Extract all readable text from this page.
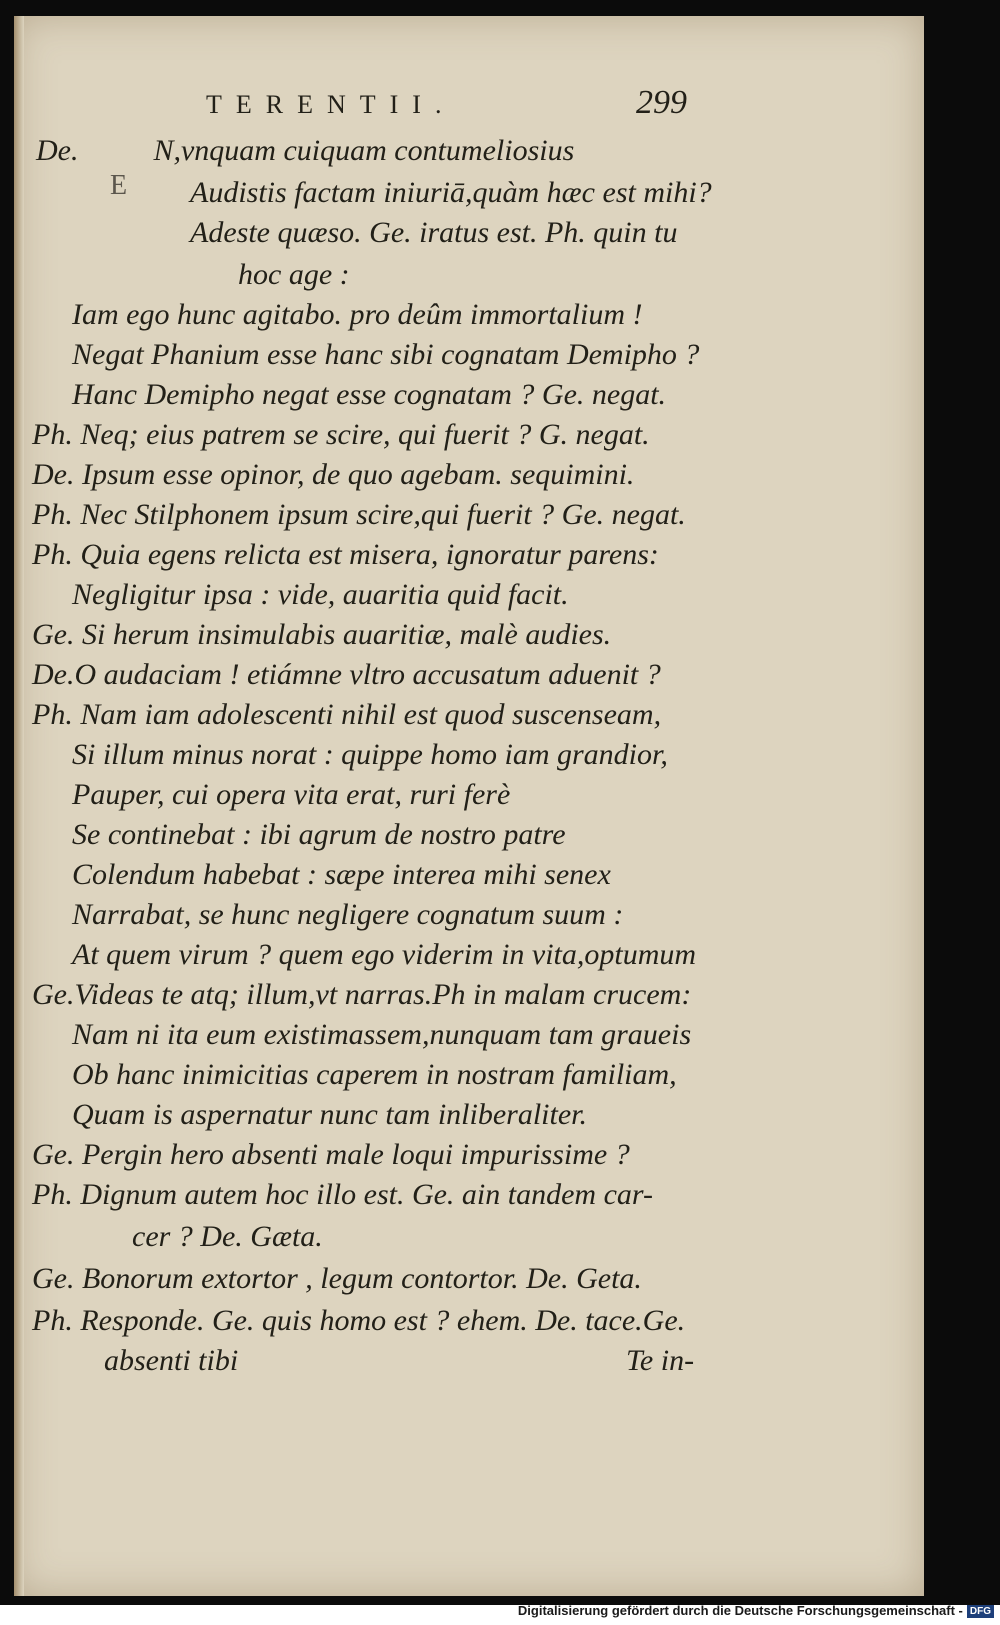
TERENTII.	299
E

De.          N,vnquam cuiquam contumeliosius

Audistis factam iniuriā,quàm hæc est mihi?

Adeste quæso. Ge. iratus est. Ph. quin tu

hoc age :

Iam ego hunc agitabo. pro deûm immortalium !

Negat Phanium esse hanc sibi cognatam Demipho ?

Hanc Demipho negat esse cognatam ? Ge. negat.

Ph. Neq; eius patrem se scire, qui fuerit ? G. negat.

De. Ipsum esse opinor, de quo agebam. sequimini.

Ph. Nec Stilphonem ipsum scire,qui fuerit ? Ge. negat.

Ph. Quia egens relicta est misera, ignoratur parens:

Negligitur ipsa : vide, auaritia quid facit.

Ge. Si herum insimulabis auaritiæ, malè audies.

De.O audaciam ! etiámne vltro accusatum aduenit ?

Ph. Nam iam adolescenti nihil est quod suscenseam,

Si illum minus norat : quippe homo iam grandior,

Pauper, cui opera vita erat, ruri ferè

Se continebat : ibi agrum de nostro patre

Colendum habebat : sæpe interea mihi senex

Narrabat, se hunc negligere cognatum suum :

At quem virum ? quem ego viderim in vita,optumum

Ge.Videas te atq; illum,vt narras.Ph in malam crucem:

Nam ni ita eum existimassem,nunquam tam graueis

Ob hanc inimicitias caperem in nostram familiam,

Quam is aspernatur nunc tam inliberaliter.

Ge. Pergin hero absenti male loqui impurissime ?

Ph. Dignum autem hoc illo est. Ge. ain tandem car-

cer ? De. Gæta.

Ge. Bonorum extortor , legum contortor. De. Geta.

Ph. Responde. Ge. quis homo est ? ehem. De. tace.Ge.

absenti tibi	Te in-

Digitalisierung gefördert durch die Deutsche Forschungsgemeinschaft - DFG
